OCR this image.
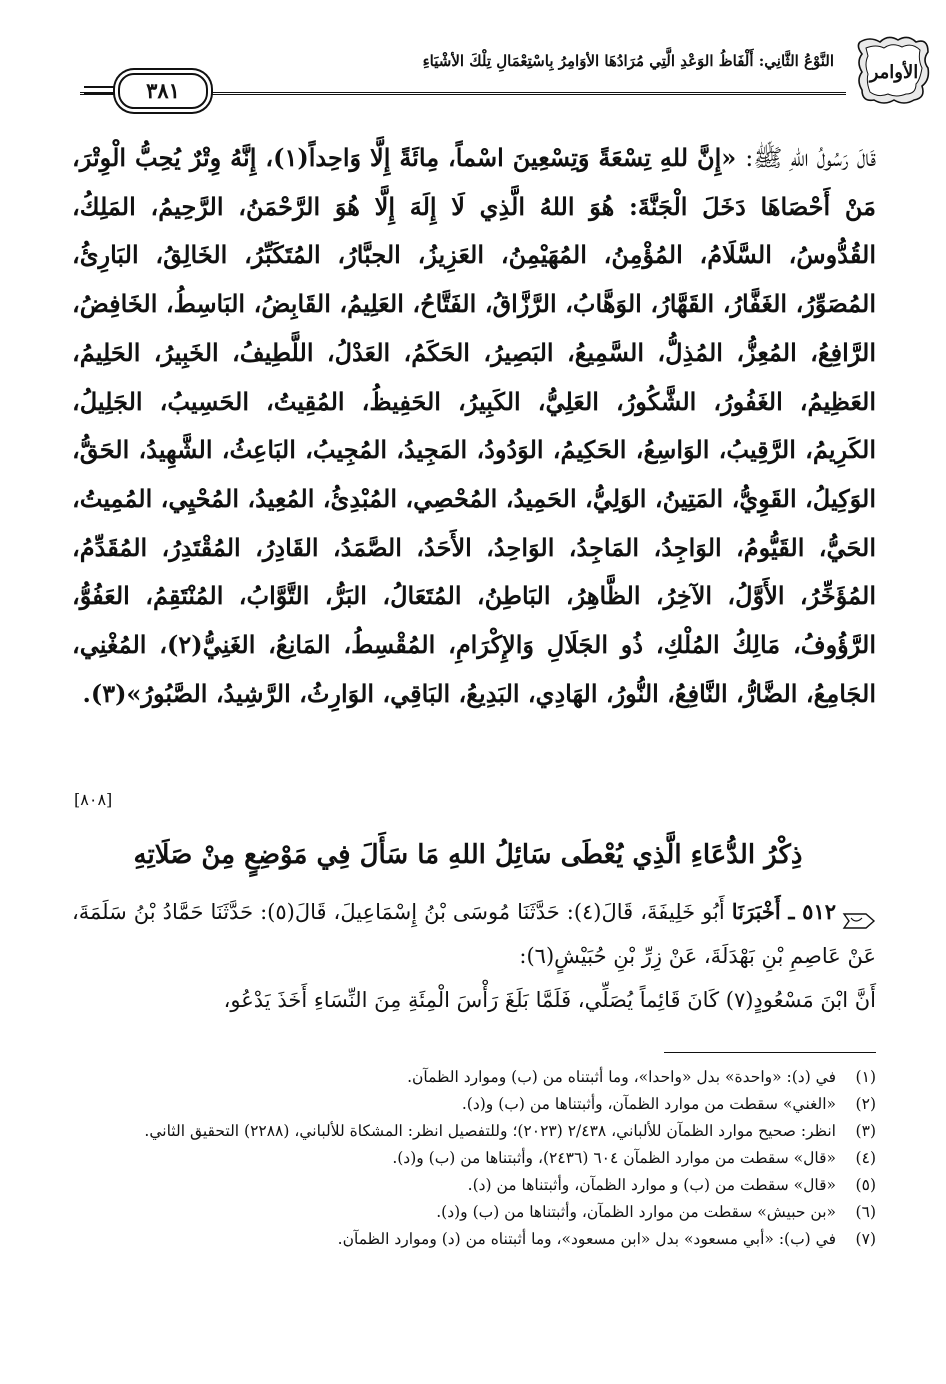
الأوامر
النَّوْعُ الثَّانِي: أَلْفَاظُ الوَعْدِ الَّتِي مُرَادُهَا الأوَامِرُ بِاسْتِعْمَالِ تِلْكَ الأشْيَاءِ
٣٨١
قَالَ رَسُولُ اللهِ ﷺ: «إِنَّ للهِ تِسْعَةً وَتِسْعِينَ اسْماً، مِائَةً إِلَّا وَاحِداً(١)، إِنَّهُ وِتْرٌ يُحِبُّ الْوِتْرَ، مَنْ أَحْصَاهَا دَخَلَ الْجَنَّةَ: هُوَ اللهُ الَّذِي لَا إِلَهَ إِلَّا هُوَ الرَّحْمَنُ، الرَّحِيمُ، المَلِكُ، القُدُّوسُ، السَّلَامُ، المُؤْمِنُ، المُهَيْمِنُ، العَزِيزُ، الجبَّارُ، المُتَكَبِّرُ، الخَالِقُ، البَارِئُ، المُصَوِّرُ، الغَفَّارُ، القَهَّارُ، الوَهَّابُ، الرَّزَّاقُ، الفَتَّاحُ، العَلِيمُ، القَابِضُ، البَاسِطُ، الخَافِضُ، الرَّافِعُ، المُعِزُّ، المُذِلُّ، السَّمِيعُ، البَصِيرُ، الحَكَمُ، العَدْلُ، اللَّطِيفُ، الخَبِيرُ، الحَلِيمُ، العَظِيمُ، الغَفُورُ، الشَّكُورُ، العَلِيُّ، الكَبِيرُ، الحَفِيظُ، المُقِيتُ، الحَسِيبُ، الجَلِيلُ، الكَرِيمُ، الرَّقِيبُ، الوَاسِعُ، الحَكِيمُ، الوَدُودُ، المَجِيدُ، المُجِيبُ، البَاعِثُ، الشَّهِيدُ، الحَقُّ، الوَكِيلُ، القَوِيُّ، المَتِينُ، الوَلِيُّ، الحَمِيدُ، المُحْصِي، المُبْدِئُ، المُعِيدُ، المُحْيِي، المُمِيتُ، الحَيُّ، القَيُّومُ، الوَاجِدُ، المَاجِدُ، الوَاحِدُ، الأَحَدُ، الصَّمَدُ، القَادِرُ، المُقْتَدِرُ، المُقَدِّمُ، المُؤَخِّرُ، الأَوَّلُ، الآخِرُ، الظَّاهِرُ، البَاطِنُ، المُتَعَالُ، البَرُّ، التَّوَّابُ، المُنْتَقِمُ، العَفُوُّ، الرَّؤُوفُ، مَالِكُ المُلْكِ، ذُو الجَلَالِ وَالإِكْرَامِ، المُقْسِطُ، المَانِعُ، الغَنِيُّ(٢)، المُغْنِي، الجَامِعُ، الضَّارُّ، النَّافِعُ، النُّورُ، الهَادِي، البَدِيعُ، البَاقِي، الوَارِثُ، الرَّشِيدُ، الصَّبُورُ»(٣).
[٨٠٨]
ذِكْرُ الدُّعَاءِ الَّذِي يُعْطَى سَائِلُ اللهِ مَا سَأَلَ فِي مَوْضِعٍ مِنْ صَلَاتِهِ
٥١٢ ـ أَخْبَرَنَا أَبُو خَلِيفَةَ، قَالَ(٤): حَدَّثَنَا مُوسَى بْنُ إِسْمَاعِيلَ، قَالَ(٥): حَدَّثَنَا حَمَّادُ بْنُ سَلَمَةَ، عَنْ عَاصِمِ بْنِ بَهْدَلَةَ، عَنْ زِرِّ بْنِ حُبَيْشٍ(٦):
أَنَّ ابْنَ مَسْعُودٍ(٧) كَانَ قَائِماً يُصَلِّي، فَلَمَّا بَلَغَ رَأْسَ الْمِئَةِ مِنَ النِّسَاءِ أَخَذَ يَدْعُو،
(١)
في (د): «واحدة» بدل «واحدا»، وما أثبتناه من (ب) وموارد الظمآن.
(٢)
«الغني» سقطت من موارد الظمآن، وأثبتناها من (ب) و(د).
(٣)
انظر: صحيح موارد الظمآن للألباني، ٢/٤٣٨ (٢٠٢٣)؛ وللتفصيل انظر: المشكاة للألباني، (٢٢٨٨) التحقيق الثاني.
(٤)
«قال» سقطت من موارد الظمآن ٦٠٤ (٢٤٣٦)، وأثبتناها من (ب) و(د).
(٥)
«قال» سقطت من (ب) و موارد الظمآن، وأثبتناها من (د).
(٦)
«بن حبيش» سقطت من موارد الظمآن، وأثبتناها من (ب) و(د).
(٧)
في (ب): «أبي مسعود» بدل «ابن مسعود»، وما أثبتناه من (د) وموارد الظمآن.
